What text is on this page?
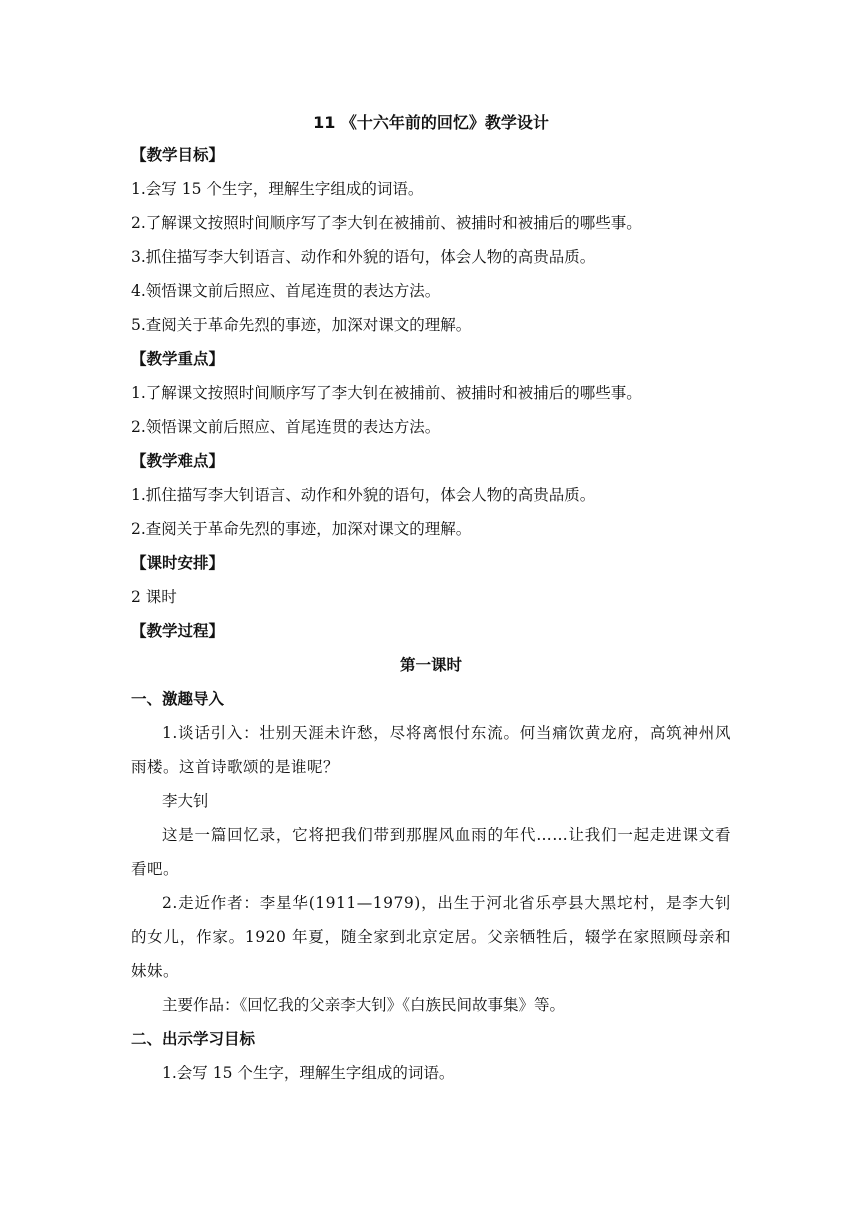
11 《十六年前的回忆》教学设计
【教学目标】
1.会写 15 个生字，理解生字组成的词语。
2.了解课文按照时间顺序写了李大钊在被捕前、被捕时和被捕后的哪些事。
3.抓住描写李大钊语言、动作和外貌的语句，体会人物的高贵品质。
4.领悟课文前后照应、首尾连贯的表达方法。
5.查阅关于革命先烈的事迹，加深对课文的理解。
【教学重点】
1.了解课文按照时间顺序写了李大钊在被捕前、被捕时和被捕后的哪些事。
2.领悟课文前后照应、首尾连贯的表达方法。
【教学难点】
1.抓住描写李大钊语言、动作和外貌的语句，体会人物的高贵品质。
2.查阅关于革命先烈的事迹，加深对课文的理解。
【课时安排】
2 课时
【教学过程】
第一课时
一、激趣导入
1.谈话引入：壮别天涯未许愁，尽将离恨付东流。何当痛饮黄龙府，高筑神州风雨楼。这首诗歌颂的是谁呢？
李大钊
这是一篇回忆录，它将把我们带到那腥风血雨的年代……让我们一起走进课文看看吧。
2.走近作者：李星华(1911—1979)，出生于河北省乐亭县大黑坨村，是李大钊的女儿，作家。1920 年夏，随全家到北京定居。父亲牺牲后，辍学在家照顾母亲和妹妹。
主要作品：《回忆我的父亲李大钊》《白族民间故事集》等。
二、出示学习目标
1.会写 15 个生字，理解生字组成的词语。
